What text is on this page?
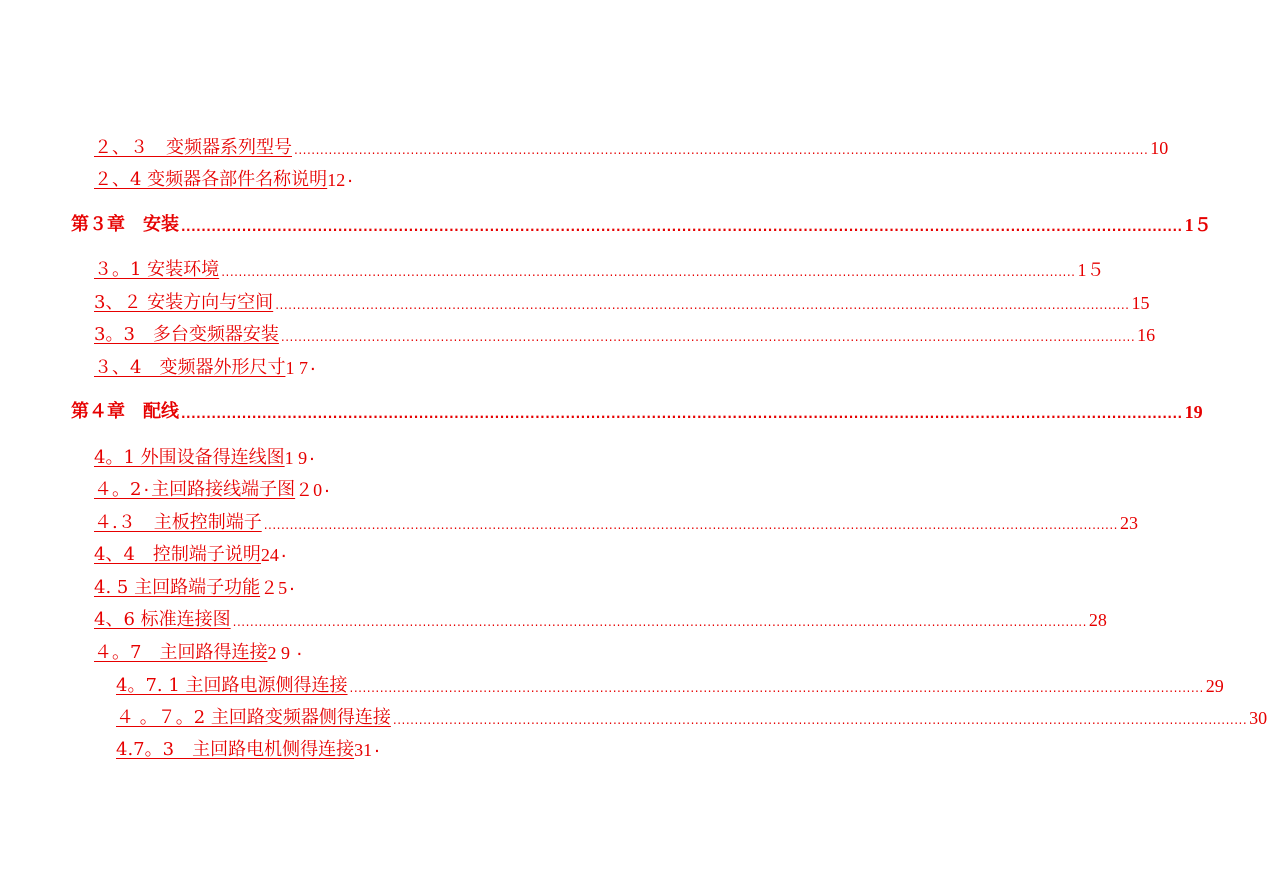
２、３　变频器系列型号 ...................................................................................................................................................................................................... 10
２、4 变频器各部件名称说明 12۰
第３章　安装 ...................................................................................................................................................................................................... 1５
３。1 安装环境 ...................................................................................................................................................................................................... 1５
3、２ 安装方向与空间 ...................................................................................................................................................................................................... 15
3。3　多台变频器安装 ...................................................................................................................................................................................................... 16
３、4　变频器外形尺寸 1 7۰
第４章　配线 ...................................................................................................................................................................................................... 19
4。1 外围设备得连线图 1 9۰
４。2۰主回路接线端子图 ２0۰
４.３　主板控制端子 ...................................................................................................................................................................................................... 23
4、4　控制端子说明 24۰
4. 5 主回路端子功能 ２5۰
4、6 标准连接图 ...................................................................................................................................................................................................... 28
４。7　主回路得连接 2 9 ۰
4。7. 1 主回路电源侧得连接 ...................................................................................................................................................................................................... 29
４ 。７。2 主回路变频器侧得连接 ...................................................................................................................................................................................................... 30
4.7。3　主回路电机侧得连接 31۰
